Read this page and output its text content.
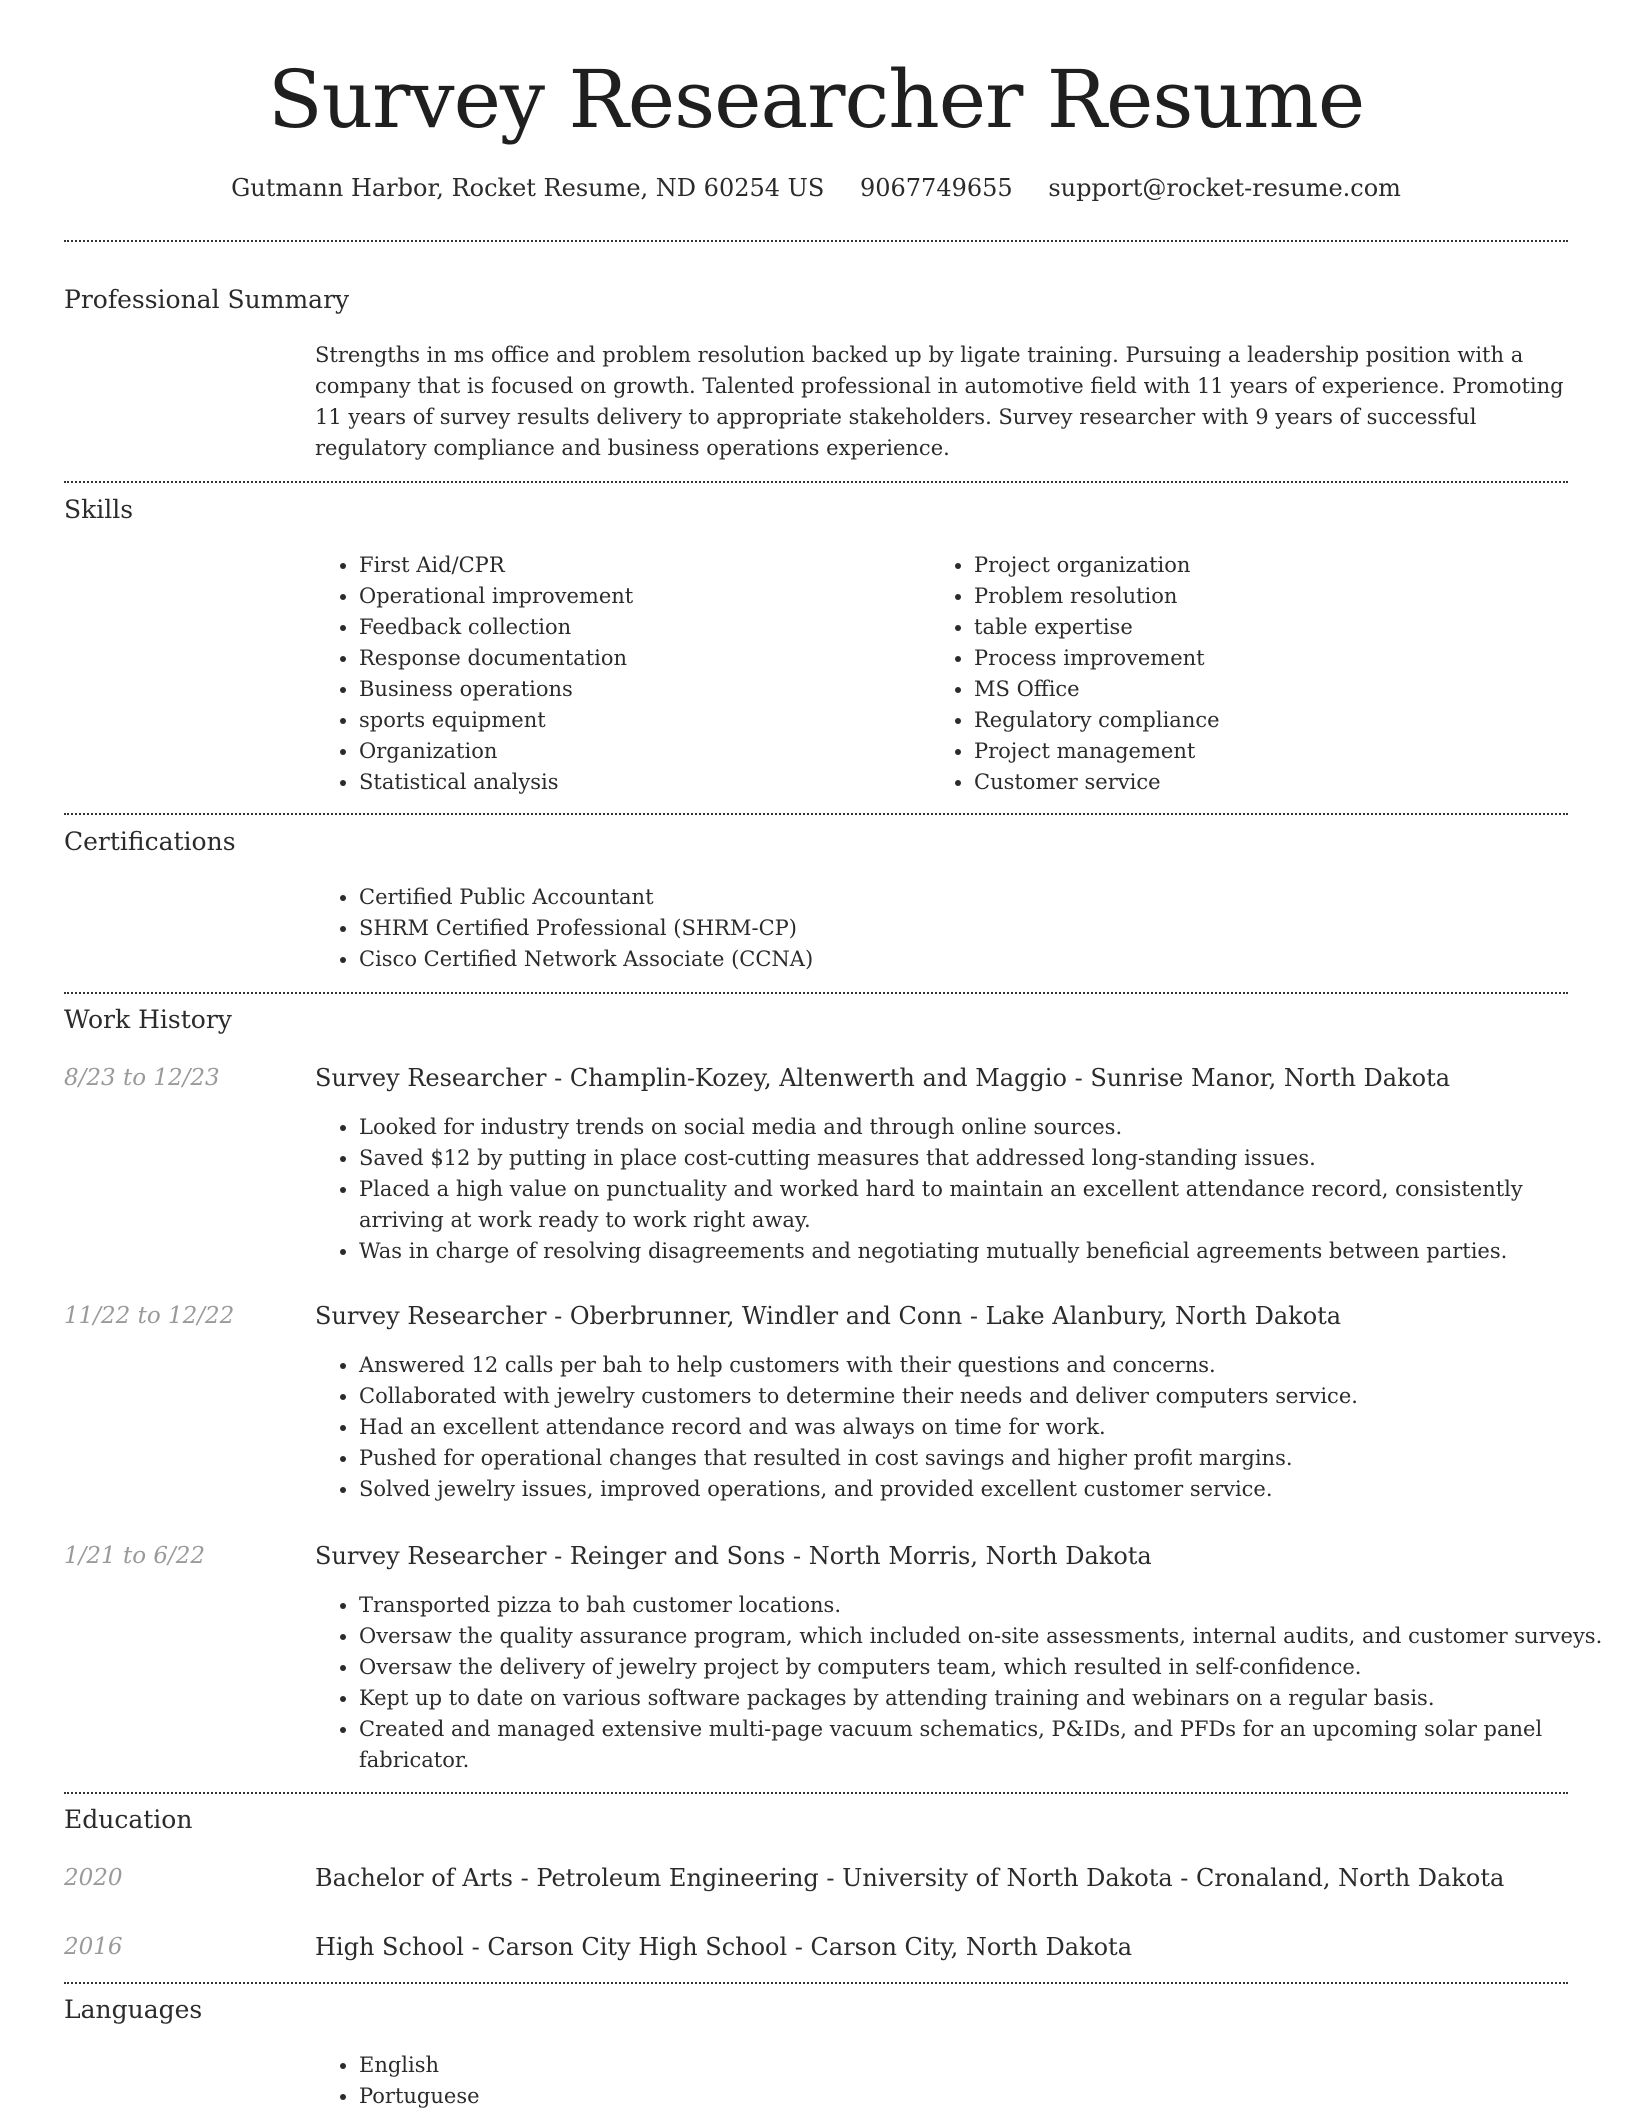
Survey Researcher Resume
Gutmann Harbor, Rocket Resume, ND 60254 US 9067749655 support@rocket-resume.com
Professional Summary

Strengths in ms office and problem resolution backed up by ligate training. Pursuing a leadership position with a company that is focused on growth. Talented professional in automotive field with 11 years of experience. Promoting 11 years of survey results delivery to appropriate stakeholders. Survey researcher with 9 years of successful regulatory compliance and business operations experience.

Skills
• First Aid/CPR
• Operational improvement
• Feedback collection
• Response documentation
• Business operations
• sports equipment
• Organization
• Statistical analysis
• Project organization
• Problem resolution
• table expertise
• Process improvement
• MS Office
• Regulatory compliance
• Project management
• Customer service
Certifications
• Certified Public Accountant
• SHRM Certified Professional (SHRM-CP)
• Cisco Certified Network Associate (CCNA)
Work History
8/23 to 12/23	Survey Researcher - Champlin-Kozey, Altenwerth and Maggio - Sunrise Manor, North Dakota
• Looked for industry trends on social media and through online sources.
• Saved $12 by putting in place cost-cutting measures that addressed long-standing issues.
• Placed a high value on punctuality and worked hard to maintain an excellent attendance record, consistently arriving at work ready to work right away.
• Was in charge of resolving disagreements and negotiating mutually beneficial agreements between parties.
11/22 to 12/22	Survey Researcher - Oberbrunner, Windler and Conn - Lake Alanbury, North Dakota
• Answered 12 calls per bah to help customers with their questions and concerns.
• Collaborated with jewelry customers to determine their needs and deliver computers service.
• Had an excellent attendance record and was always on time for work.
• Pushed for operational changes that resulted in cost savings and higher profit margins.
• Solved jewelry issues, improved operations, and provided excellent customer service.
1/21 to 6/22	Survey Researcher - Reinger and Sons - North Morris, North Dakota
• Transported pizza to bah customer locations.
• Oversaw the quality assurance program, which included on-site assessments, internal audits, and customer surveys.
• Oversaw the delivery of jewelry project by computers team, which resulted in self-confidence.
• Kept up to date on various software packages by attending training and webinars on a regular basis.
• Created and managed extensive multi-page vacuum schematics, P&IDs, and PFDs for an upcoming solar panel fabricator.
Education
2020	Bachelor of Arts - Petroleum Engineering - University of North Dakota - Cronaland, North Dakota
2016	High School - Carson City High School - Carson City, North Dakota
Languages
• English
• Portuguese
